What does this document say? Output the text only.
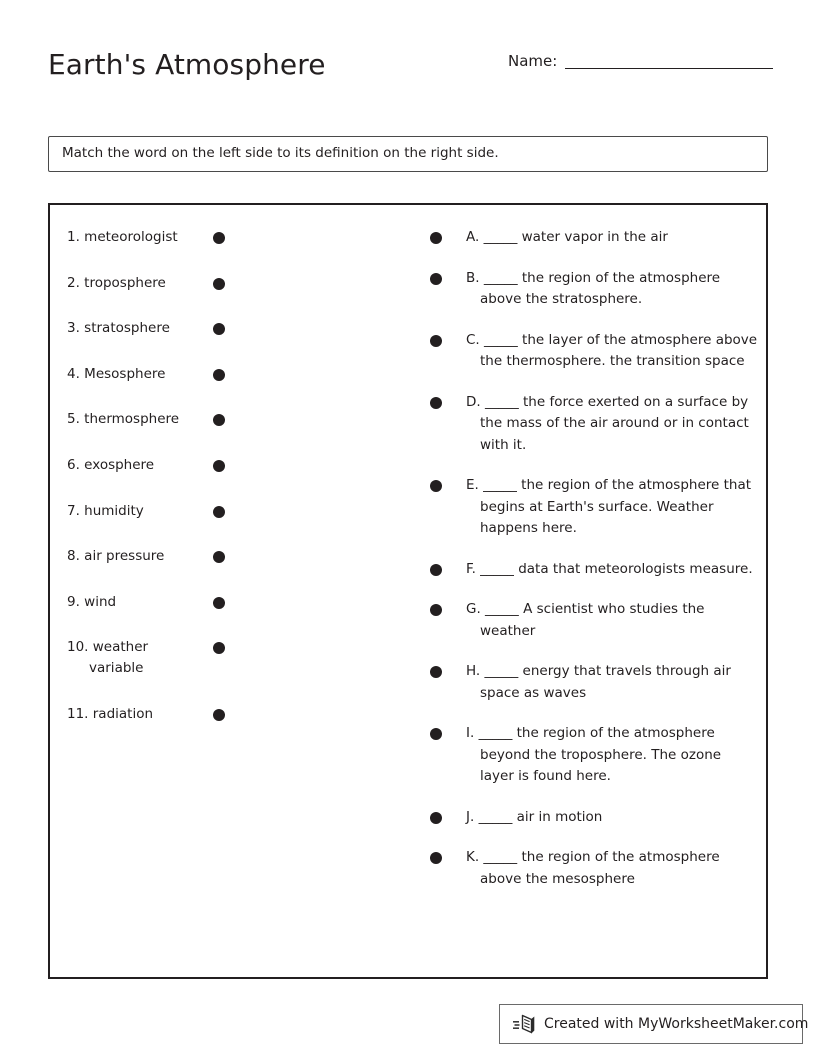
Earth's Atmosphere	Name:
Match the word on the left side to its definition on the right side.
1. meteorologist
2. troposphere
3. stratosphere
4. Mesosphere
5. thermosphere
6. exosphere
7. humidity
8. air pressure
9. wind
10. weather
variable
11. radiation
A. _____ water vapor in the air
B. _____ the region of the atmosphere above the stratosphere.
C. _____ the layer of the atmosphere above the thermosphere. the transition space
D. _____ the force exerted on a surface by the mass of the air around or in contact with it.
E. _____ the region of the atmosphere that begins at Earth's surface. Weather happens here.
F. _____ data that meteorologists measure.
G. _____ A scientist who studies the weather
H. _____ energy that travels through air space as waves
I. _____ the region of the atmosphere beyond the troposphere. The ozone layer is found here.
J. _____ air in motion
K. _____ the region of the atmosphere above the mesosphere
Created with MyWorksheetMaker.com
